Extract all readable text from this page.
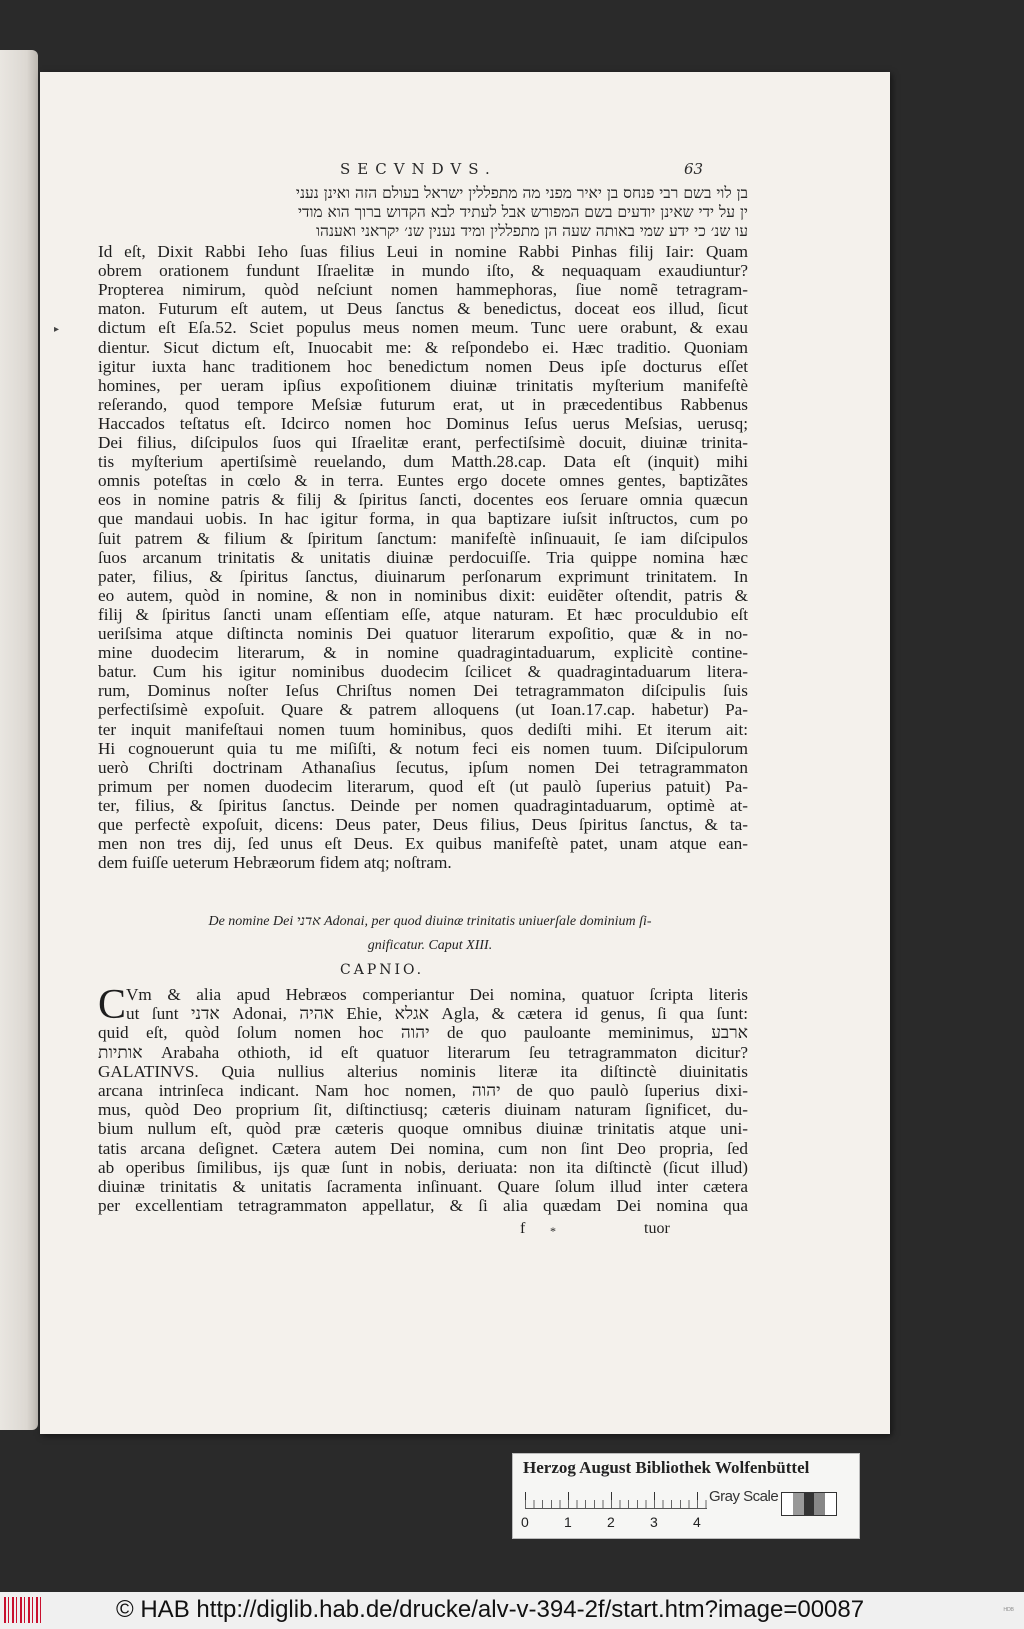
SECVNDVS.	63
בן לוי בשם רבי פנחס בן יאיר מפני מה מתפללין ישראל בעולם הזה ואינן נעני
ין על ידי שאינן יודעים בשם המפורש אבל לעתיד לבא הקדוש ברוך הוא מודי
עו שנ׳ כי ידע שמי באותה שעה הן מתפללין ומיד נענין שנ׳ יקראני ואענהו
▸
Id eſt, Dixit Rabbi Ieho ſuas filius Leui in nomine Rabbi Pinhas filij Iair: Quam
obrem orationem fundunt Iſraelitæ in mundo iſto, & nequaquam exaudiuntur?
Propterea nimirum, quòd neſciunt nomen hammephoras, ſiue nomẽ tetragram-
maton. Futurum eſt autem, ut Deus ſanctus & benedictus, doceat eos illud, ſicut
dictum eſt Eſa.52. Sciet populus meus nomen meum. Tunc uere orabunt, & exau
dientur. Sicut dictum eſt, Inuocabit me: & reſpondebo ei. Hæc traditio. Quoniam
igitur iuxta hanc traditionem hoc benedictum nomen Deus ipſe docturus eſſet
homines, per ueram ipſius expoſitionem diuinæ trinitatis myſterium manifeſtè
reſerando, quod tempore Meſsiæ futurum erat, ut in præcedentibus Rabbenus
Haccados teſtatus eſt. Idcirco nomen hoc Dominus Ieſus uerus Meſsias, uerusq;
Dei filius, diſcipulos ſuos qui Iſraelitæ erant, perfectiſsimè docuit, diuinæ trinita-
tis myſterium apertiſsimè reuelando, dum Matth.28.cap. Data eſt (inquit) mihi
omnis poteſtas in cœlo & in terra. Euntes ergo docete omnes gentes, baptizãtes
eos in nomine patris & filij & ſpiritus ſancti, docentes eos ſeruare omnia quæcun
que mandaui uobis. In hac igitur forma, in qua baptizare iuſsit inſtructos, cum po
ſuit patrem & filium & ſpiritum ſanctum: manifeſtè inſinuauit, ſe iam diſcipulos
ſuos arcanum trinitatis & unitatis diuinæ perdocuiſſe. Tria quippe nomina hæc
pater, filius, & ſpiritus ſanctus, diuinarum perſonarum exprimunt trinitatem. In
eo autem, quòd in nomine, & non in nominibus dixit: euidẽter oſtendit, patris &
filij & ſpiritus ſancti unam eſſentiam eſſe, atque naturam. Et hæc proculdubio eſt
ueriſsima atque diſtincta nominis Dei quatuor literarum expoſitio, quæ & in no-
mine duodecim literarum, & in nomine quadragintaduarum, explicitè contine-
batur. Cum his igitur nominibus duodecim ſcilicet & quadragintaduarum litera-
rum, Dominus noſter Ieſus Chriſtus nomen Dei tetragrammaton diſcipulis ſuis
perfectiſsimè expoſuit. Quare & patrem alloquens (ut Ioan.17.cap. habetur) Pa-
ter inquit manifeſtaui nomen tuum hominibus, quos dediſti mihi. Et iterum ait:
Hi cognouerunt quia tu me miſiſti, & notum feci eis nomen tuum. Diſcipulorum
uerò Chriſti doctrinam Athanaſius ſecutus, ipſum nomen Dei tetragrammaton
primum per nomen duodecim literarum, quod eſt (ut paulò ſuperius patuit) Pa-
ter, filius, & ſpiritus ſanctus. Deinde per nomen quadragintaduarum, optimè at-
que perfectè expoſuit, dicens: Deus pater, Deus filius, Deus ſpiritus ſanctus, & ta-
men non tres dij, ſed unus eſt Deus. Ex quibus manifeſtè patet, unam atque ean-
dem fuiſſe ueterum Hebræorum fidem atq; noſtram.
De nomine Dei אדני Adonai, per quod diuinæ trinitatis uniuerſale dominium ſi-
gnificatur. Caput XIII.
CAPNIO.
C Vm & alia apud Hebræos comperiantur Dei nomina, quatuor ſcripta literis
ut ſunt אדני Adonai, אהיה Ehie, אגלא Agla, & cætera id genus, ſi qua ſunt:
quid eſt, quòd ſolum nomen hoc יהוה de quo pauloante meminimus, ארבע
אותיות Arabaha othioth, id eſt quatuor literarum ſeu tetragrammaton dicitur?
GALATINVS. Quia nullius alterius nominis literæ ita diſtinctè diuinitatis
arcana intrinſeca indicant. Nam hoc nomen, יהוה de quo paulò ſuperius dixi-
mus, quòd Deo proprium ſit, diſtinctiusq; cæteris diuinam naturam ſignificet, du-
bium nullum eſt, quòd præ cæteris quoque omnibus diuinæ trinitatis atque uni-
tatis arcana deſignet. Cætera autem Dei nomina, cum non ſint Deo propria, ſed
ab operibus ſimilibus, ijs quæ ſunt in nobis, deriuata: non ita diſtinctè (ſicut illud)
diuinæ trinitatis & unitatis ſacramenta inſinuant. Quare ſolum illud inter cætera
per excellentiam tetragrammaton appellatur, & ſi alia quædam Dei nomina qua
f *	tuor
Herzog August Bibliothek Wolfenbüttel
0	1	2	3	4
Gray Scale
© HAB http://diglib.hab.de/drucke/alv-v-394-2f/start.htm?image=00087	ᴴᴰᴮ
